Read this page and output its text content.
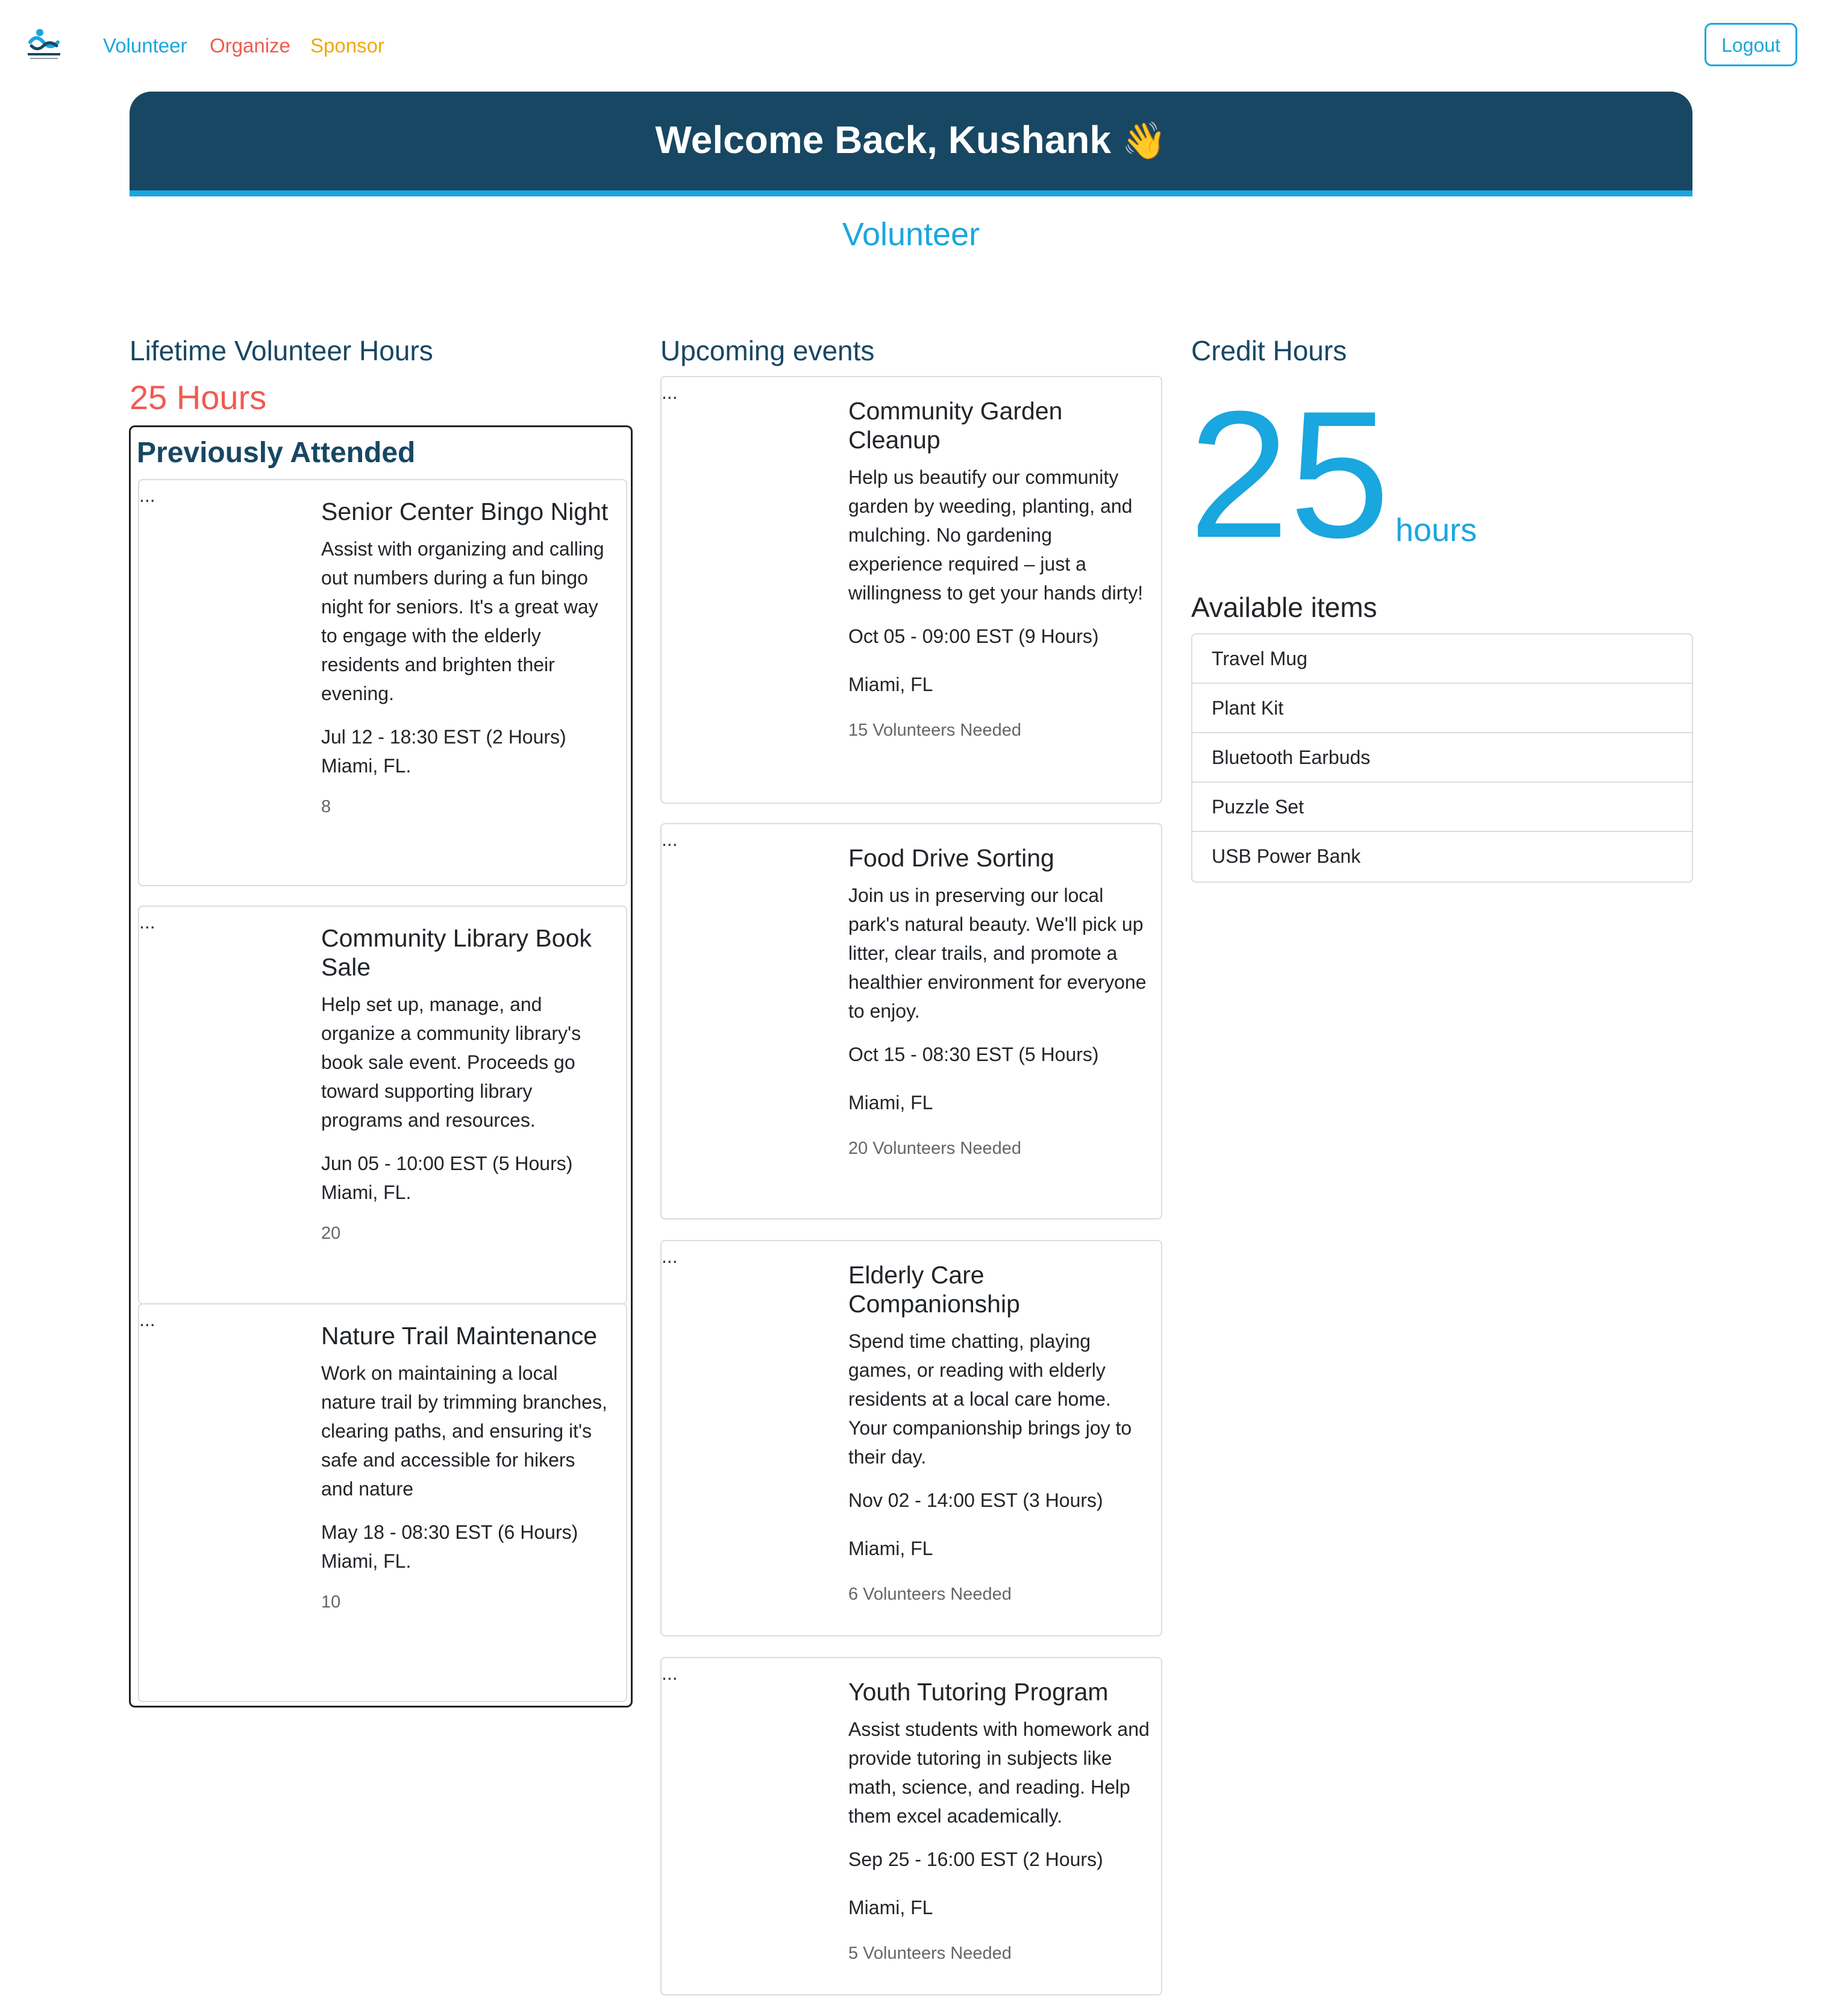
Volunteer Organize Sponsor	Logout
Welcome Back, Kushank 👋
Volunteer
Lifetime Volunteer Hours
25 Hours
Previously Attended
...
Senior Center Bingo Night

Assist with organizing and calling out numbers during a fun bingo night for seniors. It's a great way to engage with the elderly residents and brighten their evening.

Jul 12 - 18:30 EST (2 Hours)

Miami, FL.

8

...
Community Library Book Sale

Help set up, manage, and organize a community library's book sale event. Proceeds go toward supporting library programs and resources.

Jun 05 - 10:00 EST (5 Hours)

Miami, FL.

20

...
Nature Trail Maintenance

Work on maintaining a local nature trail by trimming branches, clearing paths, and ensuring it's safe and accessible for hikers and nature

May 18 - 08:30 EST (6 Hours)

Miami, FL.

10

Upcoming events
...
Community Garden Cleanup

Help us beautify our community garden by weeding, planting, and mulching. No gardening experience required – just a willingness to get your hands dirty!

Oct 05 - 09:00 EST (9 Hours)

Miami, FL

15 Volunteers Needed

...
Food Drive Sorting

Join us in preserving our local park's natural beauty. We'll pick up litter, clear trails, and promote a healthier environment for everyone to enjoy.

Oct 15 - 08:30 EST (5 Hours)

Miami, FL

20 Volunteers Needed

...
Elderly Care Companionship

Spend time chatting, playing games, or reading with elderly residents at a local care home. Your companionship brings joy to their day.

Nov 02 - 14:00 EST (3 Hours)

Miami, FL

6 Volunteers Needed

...
Youth Tutoring Program

Assist students with homework and provide tutoring in subjects like math, science, and reading. Help them excel academically.

Sep 25 - 16:00 EST (2 Hours)

Miami, FL

5 Volunteers Needed

Credit Hours
25 hours
Available items
Travel Mug
Plant Kit
Bluetooth Earbuds
Puzzle Set
USB Power Bank
